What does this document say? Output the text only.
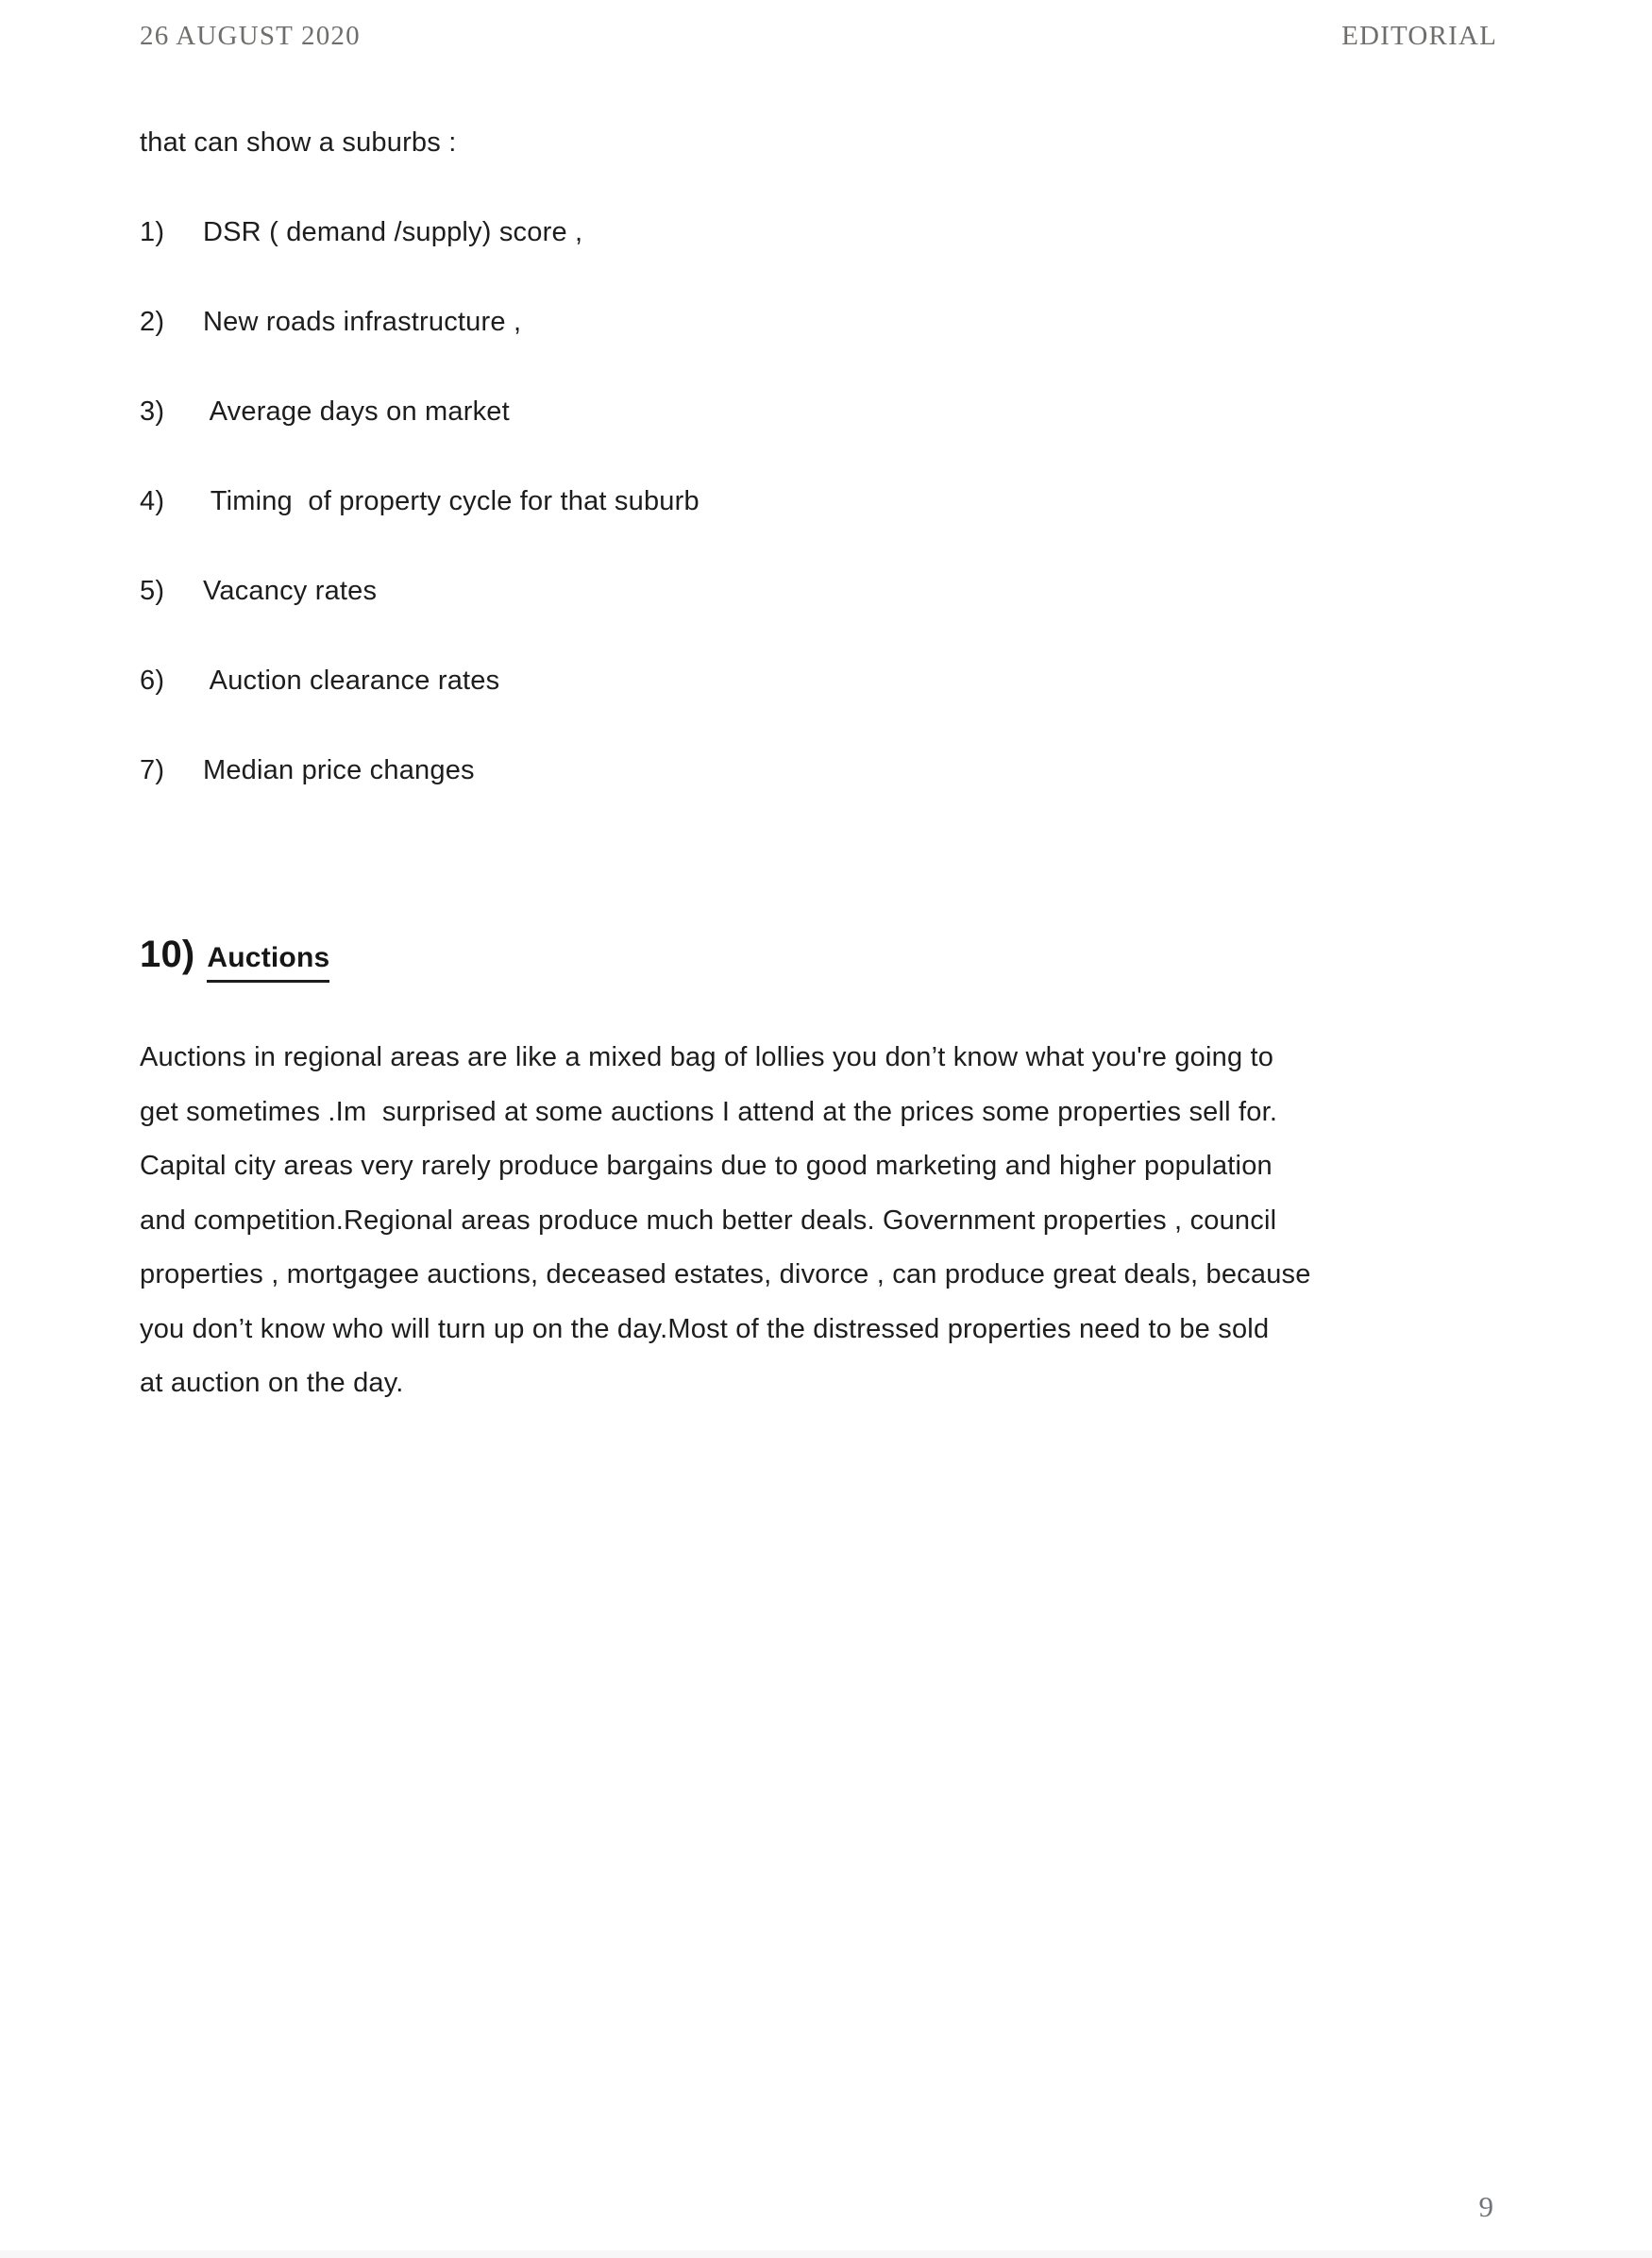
26 AUGUST 2020	EDITORIAL
that can show a suburbs :
1)	DSR ( demand /supply) score ,
2)	New roads infrastructure ,
3)	Average days on market
4)	Timing  of property cycle for that suburb
5)	Vacancy rates
6)	Auction clearance rates
7)	Median price changes
10) Auctions
Auctions in regional areas are like a mixed bag of lollies you don’t know what you're going to
get sometimes .Im  surprised at some auctions I attend at the prices some properties sell for.
Capital city areas very rarely produce bargains due to good marketing and higher population
and competition.Regional areas produce much better deals. Government properties , council
properties , mortgagee auctions, deceased estates, divorce , can produce great deals, because
you don’t know who will turn up on the day.Most of the distressed properties need to be sold
at auction on the day.
9
